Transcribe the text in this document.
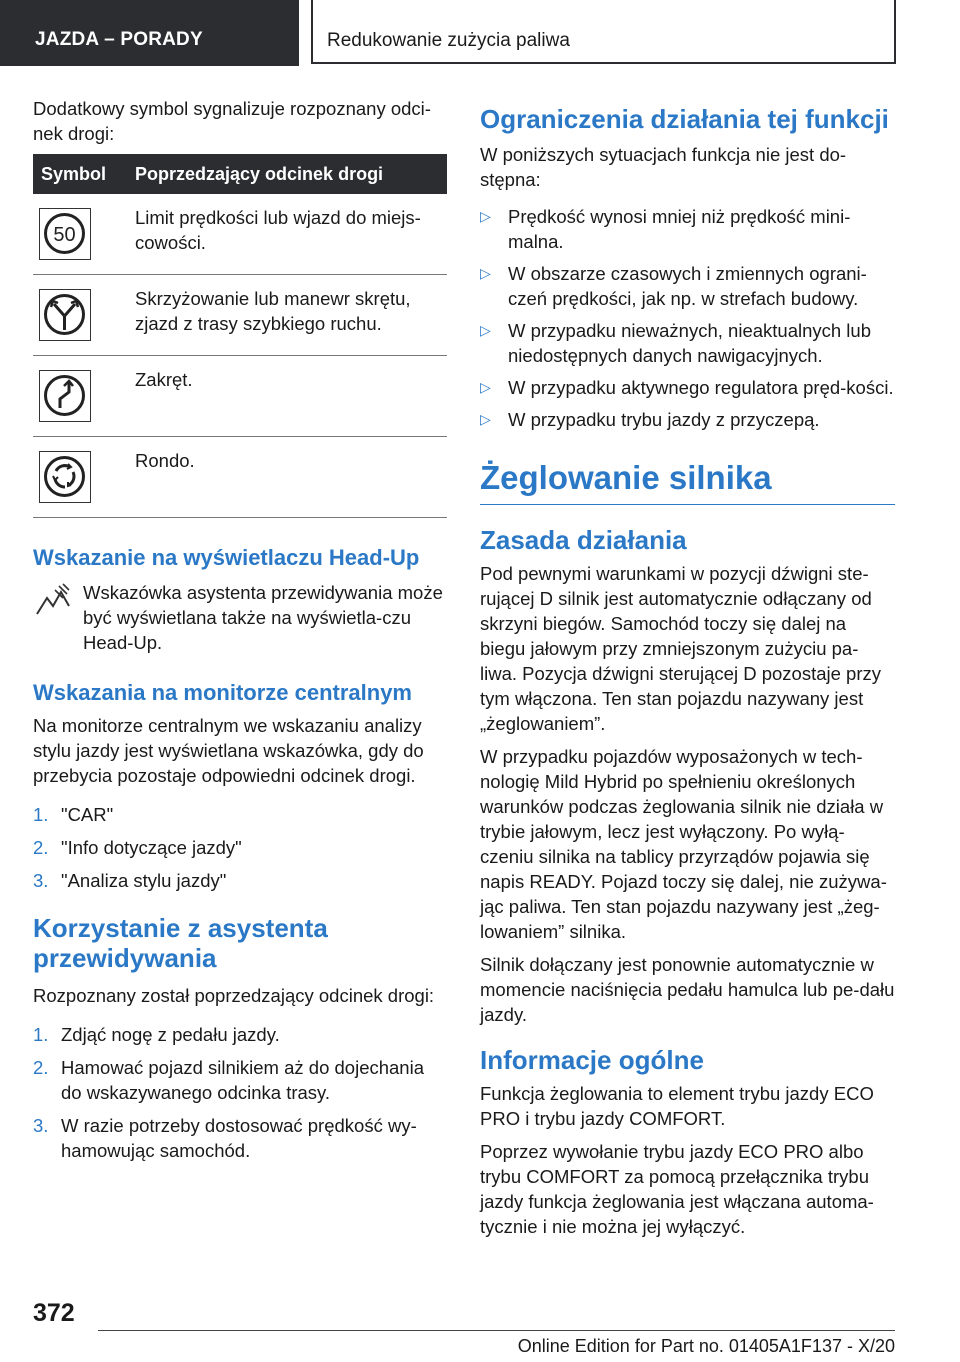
JAZDA – PORADY	Redukowanie zużycia paliwa

Dodatkowy symbol sygnalizuje rozpoznany odci-nek drogi:

Symbol	Poprzedzający odcinek drogi

50	Limit prędkości lub wjazd do miejs-cowości.

	Skrzyżowanie lub manewr skrętu, zjazd z trasy szybkiego ruchu.

	Zakręt.

	Rondo.
Wskazanie na wyświetlaczu Head-Up

Wskazówka asystenta przewidywania może być wyświetlana także na wyświetla-czu Head-Up.

Wskazania na monitorze centralnym

Na monitorze centralnym we wskazaniu analizy stylu jazdy jest wyświetlana wskazówka, gdy do przebycia pozostaje odpowiedni odcinek drogi.

1. "CAR"
2. "Info dotyczące jazdy"
3. "Analiza stylu jazdy"
Korzystanie z asystenta przewidywania

Rozpoznany został poprzedzający odcinek drogi:

1. Zdjąć nogę z pedału jazdy.
2. Hamować pojazd silnikiem aż do dojechania do wskazywanego odcinka trasy.
3. W razie potrzeby dostosować prędkość wy-hamowując samochód.
Ograniczenia działania tej funkcji

W poniższych sytuacjach funkcja nie jest do-stępna:

▷ Prędkość wynosi mniej niż prędkość mini-malna.
▷ W obszarze czasowych i zmiennych ograni-czeń prędkości, jak np. w strefach budowy.
▷ W przypadku nieważnych, nieaktualnych lub niedostępnych danych nawigacyjnych.
▷ W przypadku aktywnego regulatora pręd-kości.
▷ W przypadku trybu jazdy z przyczepą.
Żeglowanie silnika
Zasada działania

Pod pewnymi warunkami w pozycji dźwigni ste-rującej D silnik jest automatycznie odłączany od skrzyni biegów. Samochód toczy się dalej na biegu jałowym przy zmniejszonym zużyciu pa-liwa. Pozycja dźwigni sterującej D pozostaje przy tym włączona. Ten stan pojazdu nazywany jest „żeglowaniem”.

W przypadku pojazdów wyposażonych w tech-nologię Mild Hybrid po spełnieniu określonych warunków podczas żeglowania silnik nie działa w trybie jałowym, lecz jest wyłączony. Po wyłą-czeniu silnika na tablicy przyrządów pojawia się napis READY. Pojazd toczy się dalej, nie zużywa-jąc paliwa. Ten stan pojazdu nazywany jest „żeg-lowaniem” silnika.

Silnik dołączany jest ponownie automatycznie w momencie naciśnięcia pedału hamulca lub pe-dału jazdy.

Informacje ogólne

Funkcja żeglowania to element trybu jazdy ECO PRO i trybu jazdy COMFORT.

Poprzez wywołanie trybu jazdy ECO PRO albo trybu COMFORT za pomocą przełącznika trybu jazdy funkcja żeglowania jest włączana automa-tycznie i nie można jej wyłączyć.

372
Online Edition for Part no. 01405A1F137 - X/20
